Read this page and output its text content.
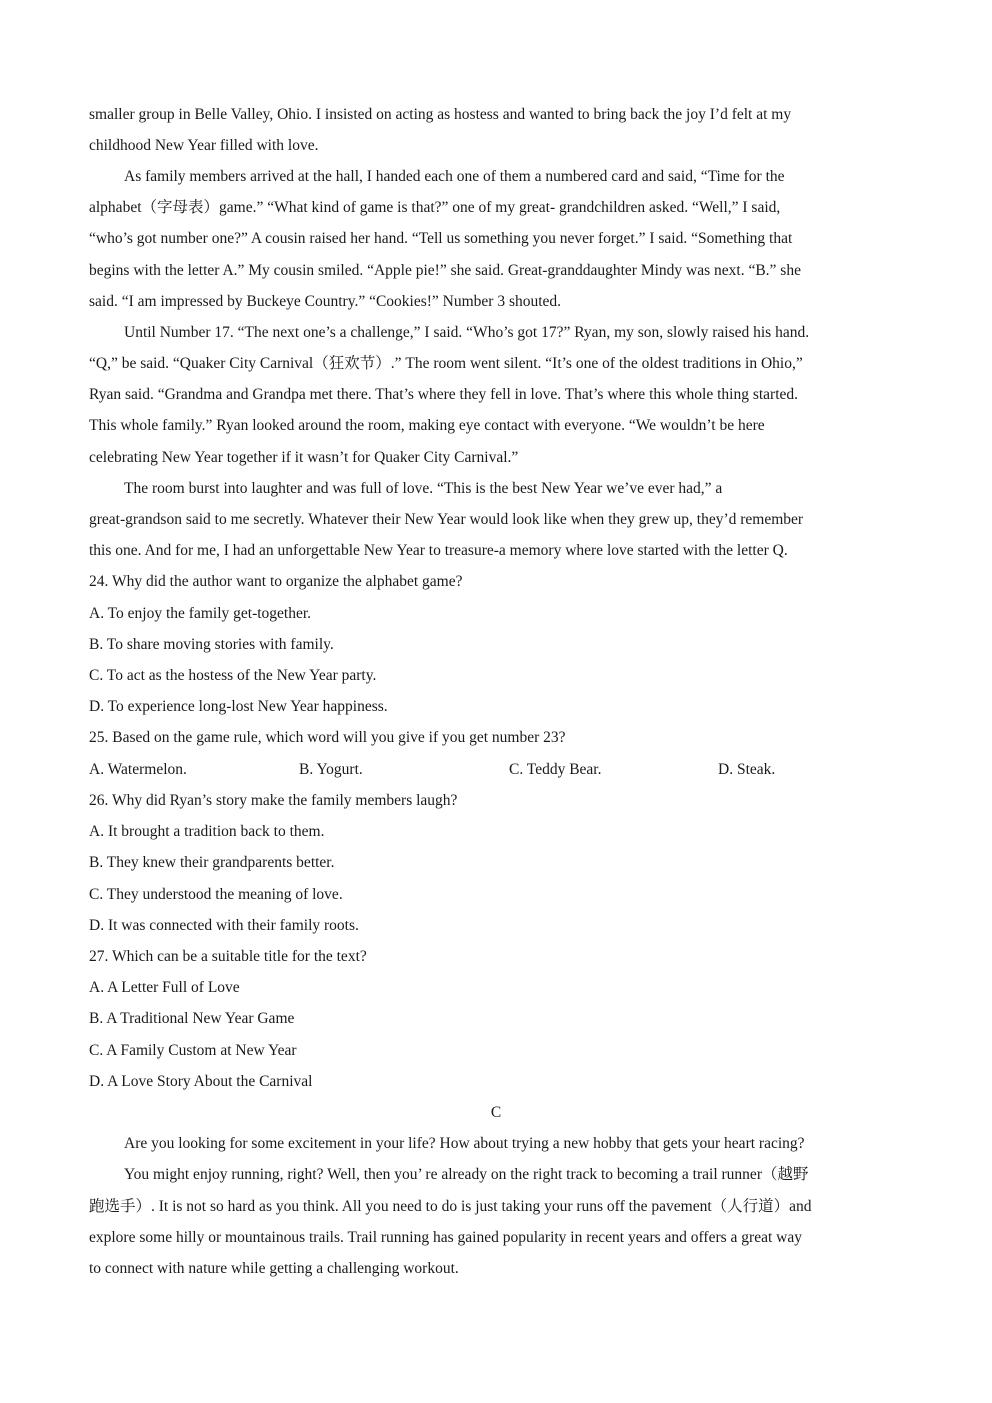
smaller group in Belle Valley, Ohio. I insisted on acting as hostess and wanted to bring back the joy I’d felt at my
childhood New Year filled with love.
As family members arrived at the hall, I handed each one of them a numbered card and said, “Time for the
alphabet（字母表）game.” “What kind of game is that?” one of my great- grandchildren asked. “Well,” I said,
“who’s got number one?” A cousin raised her hand. “Tell us something you never forget.” I said. “Something that
begins with the letter A.” My cousin smiled. “Apple pie!” she said. Great-granddaughter Mindy was next. “B.” she
said. “I am impressed by Buckeye Country.” “Cookies!” Number 3 shouted.
Until Number 17. “The next one’s a challenge,” I said. “Who’s got 17?” Ryan, my son, slowly raised his hand.
“Q,” be said. “Quaker City Carnival（狂欢节）.” The room went silent. “It’s one of the oldest traditions in Ohio,”
Ryan said. “Grandma and Grandpa met there. That’s where they fell in love. That’s where this whole thing started.
This whole family.” Ryan looked around the room, making eye contact with everyone. “We wouldn’t be here
celebrating New Year together if it wasn’t for Quaker City Carnival.”
The room burst into laughter and was full of love. “This is the best New Year we’ve ever had,” a
great-grandson said to me secretly. Whatever their New Year would look like when they grew up, they’d remember
this one. And for me, I had an unforgettable New Year to treasure-a memory where love started with the letter Q.
24. Why did the author want to organize the alphabet game?
A. To enjoy the family get-together.
B. To share moving stories with family.
C. To act as the hostess of the New Year party.
D. To experience long-lost New Year happiness.
25. Based on the game rule, which word will you give if you get number 23?
A. Watermelon.	B. Yogurt.	C. Teddy Bear.	D. Steak.
26. Why did Ryan’s story make the family members laugh?
A. It brought a tradition back to them.
B. They knew their grandparents better.
C. They understood the meaning of love.
D. It was connected with their family roots.
27. Which can be a suitable title for the text?
A. A Letter Full of Love
B. A Traditional New Year Game
C. A Family Custom at New Year
D. A Love Story About the Carnival
C
Are you looking for some excitement in your life? How about trying a new hobby that gets your heart racing?
You might enjoy running, right? Well, then you’ re already on the right track to becoming a trail runner（越野
跑选手）. It is not so hard as you think. All you need to do is just taking your runs off the pavement（人行道）and
explore some hilly or mountainous trails. Trail running has gained popularity in recent years and offers a great way
to connect with nature while getting a challenging workout.
